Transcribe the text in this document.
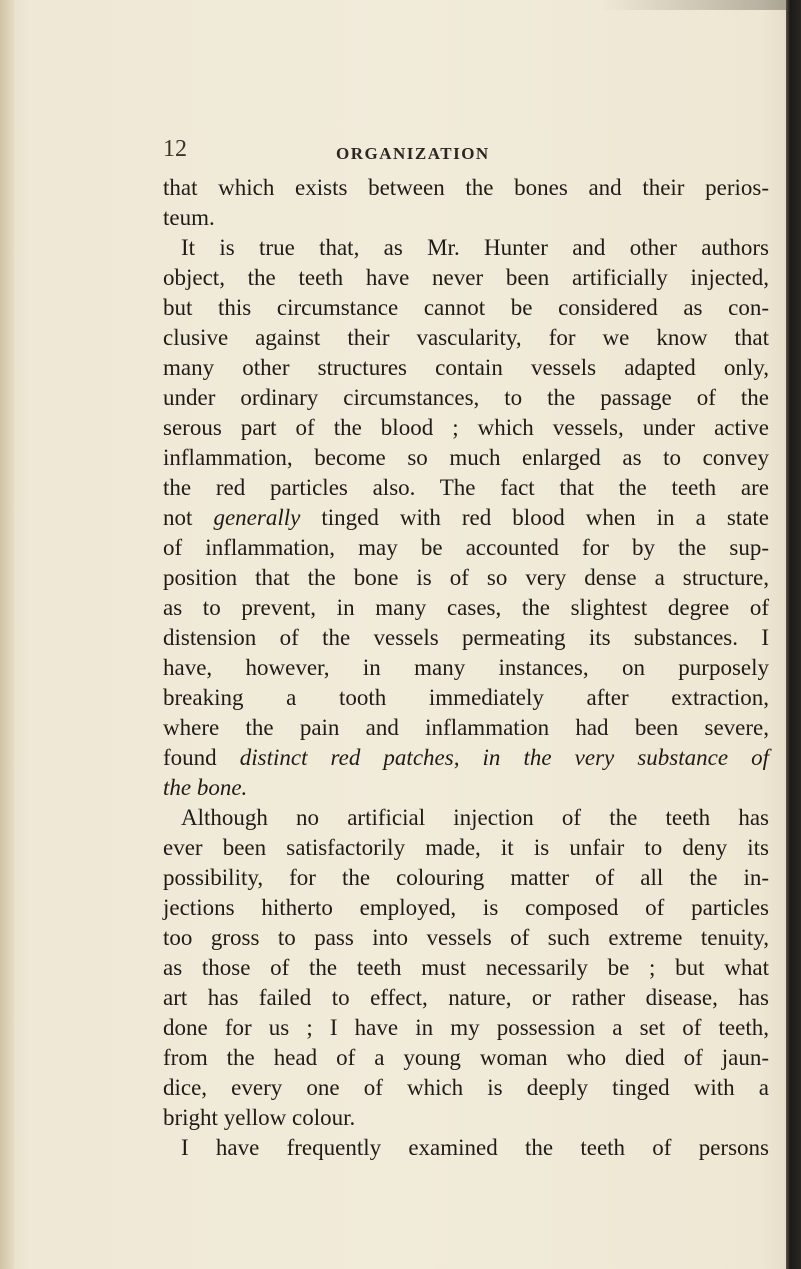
12	ORGANIZATION
that which exists between the bones and their perios-
teum.
It is true that, as Mr. Hunter and other authors
object, the teeth have never been artificially injected,
but this circumstance cannot be considered as con-
clusive against their vascularity, for we know that
many other structures contain vessels adapted only,
under ordinary circumstances, to the passage of the
serous part of the blood ; which vessels, under active
inflammation, become so much enlarged as to convey
the red particles also. The fact that the teeth are
not generally tinged with red blood when in a state
of inflammation, may be accounted for by the sup-
position that the bone is of so very dense a structure,
as to prevent, in many cases, the slightest degree of
distension of the vessels permeating its substances. I
have, however, in many instances, on purposely
breaking a tooth immediately after extraction,
where the pain and inflammation had been severe,
found distinct red patches, in the very substance of
the bone.
Although no artificial injection of the teeth has
ever been satisfactorily made, it is unfair to deny its
possibility, for the colouring matter of all the in-
jections hitherto employed, is composed of particles
too gross to pass into vessels of such extreme tenuity,
as those of the teeth must necessarily be ; but what
art has failed to effect, nature, or rather disease, has
done for us ; I have in my possession a set of teeth,
from the head of a young woman who died of jaun-
dice, every one of which is deeply tinged with a
bright yellow colour.
I have frequently examined the teeth of persons
